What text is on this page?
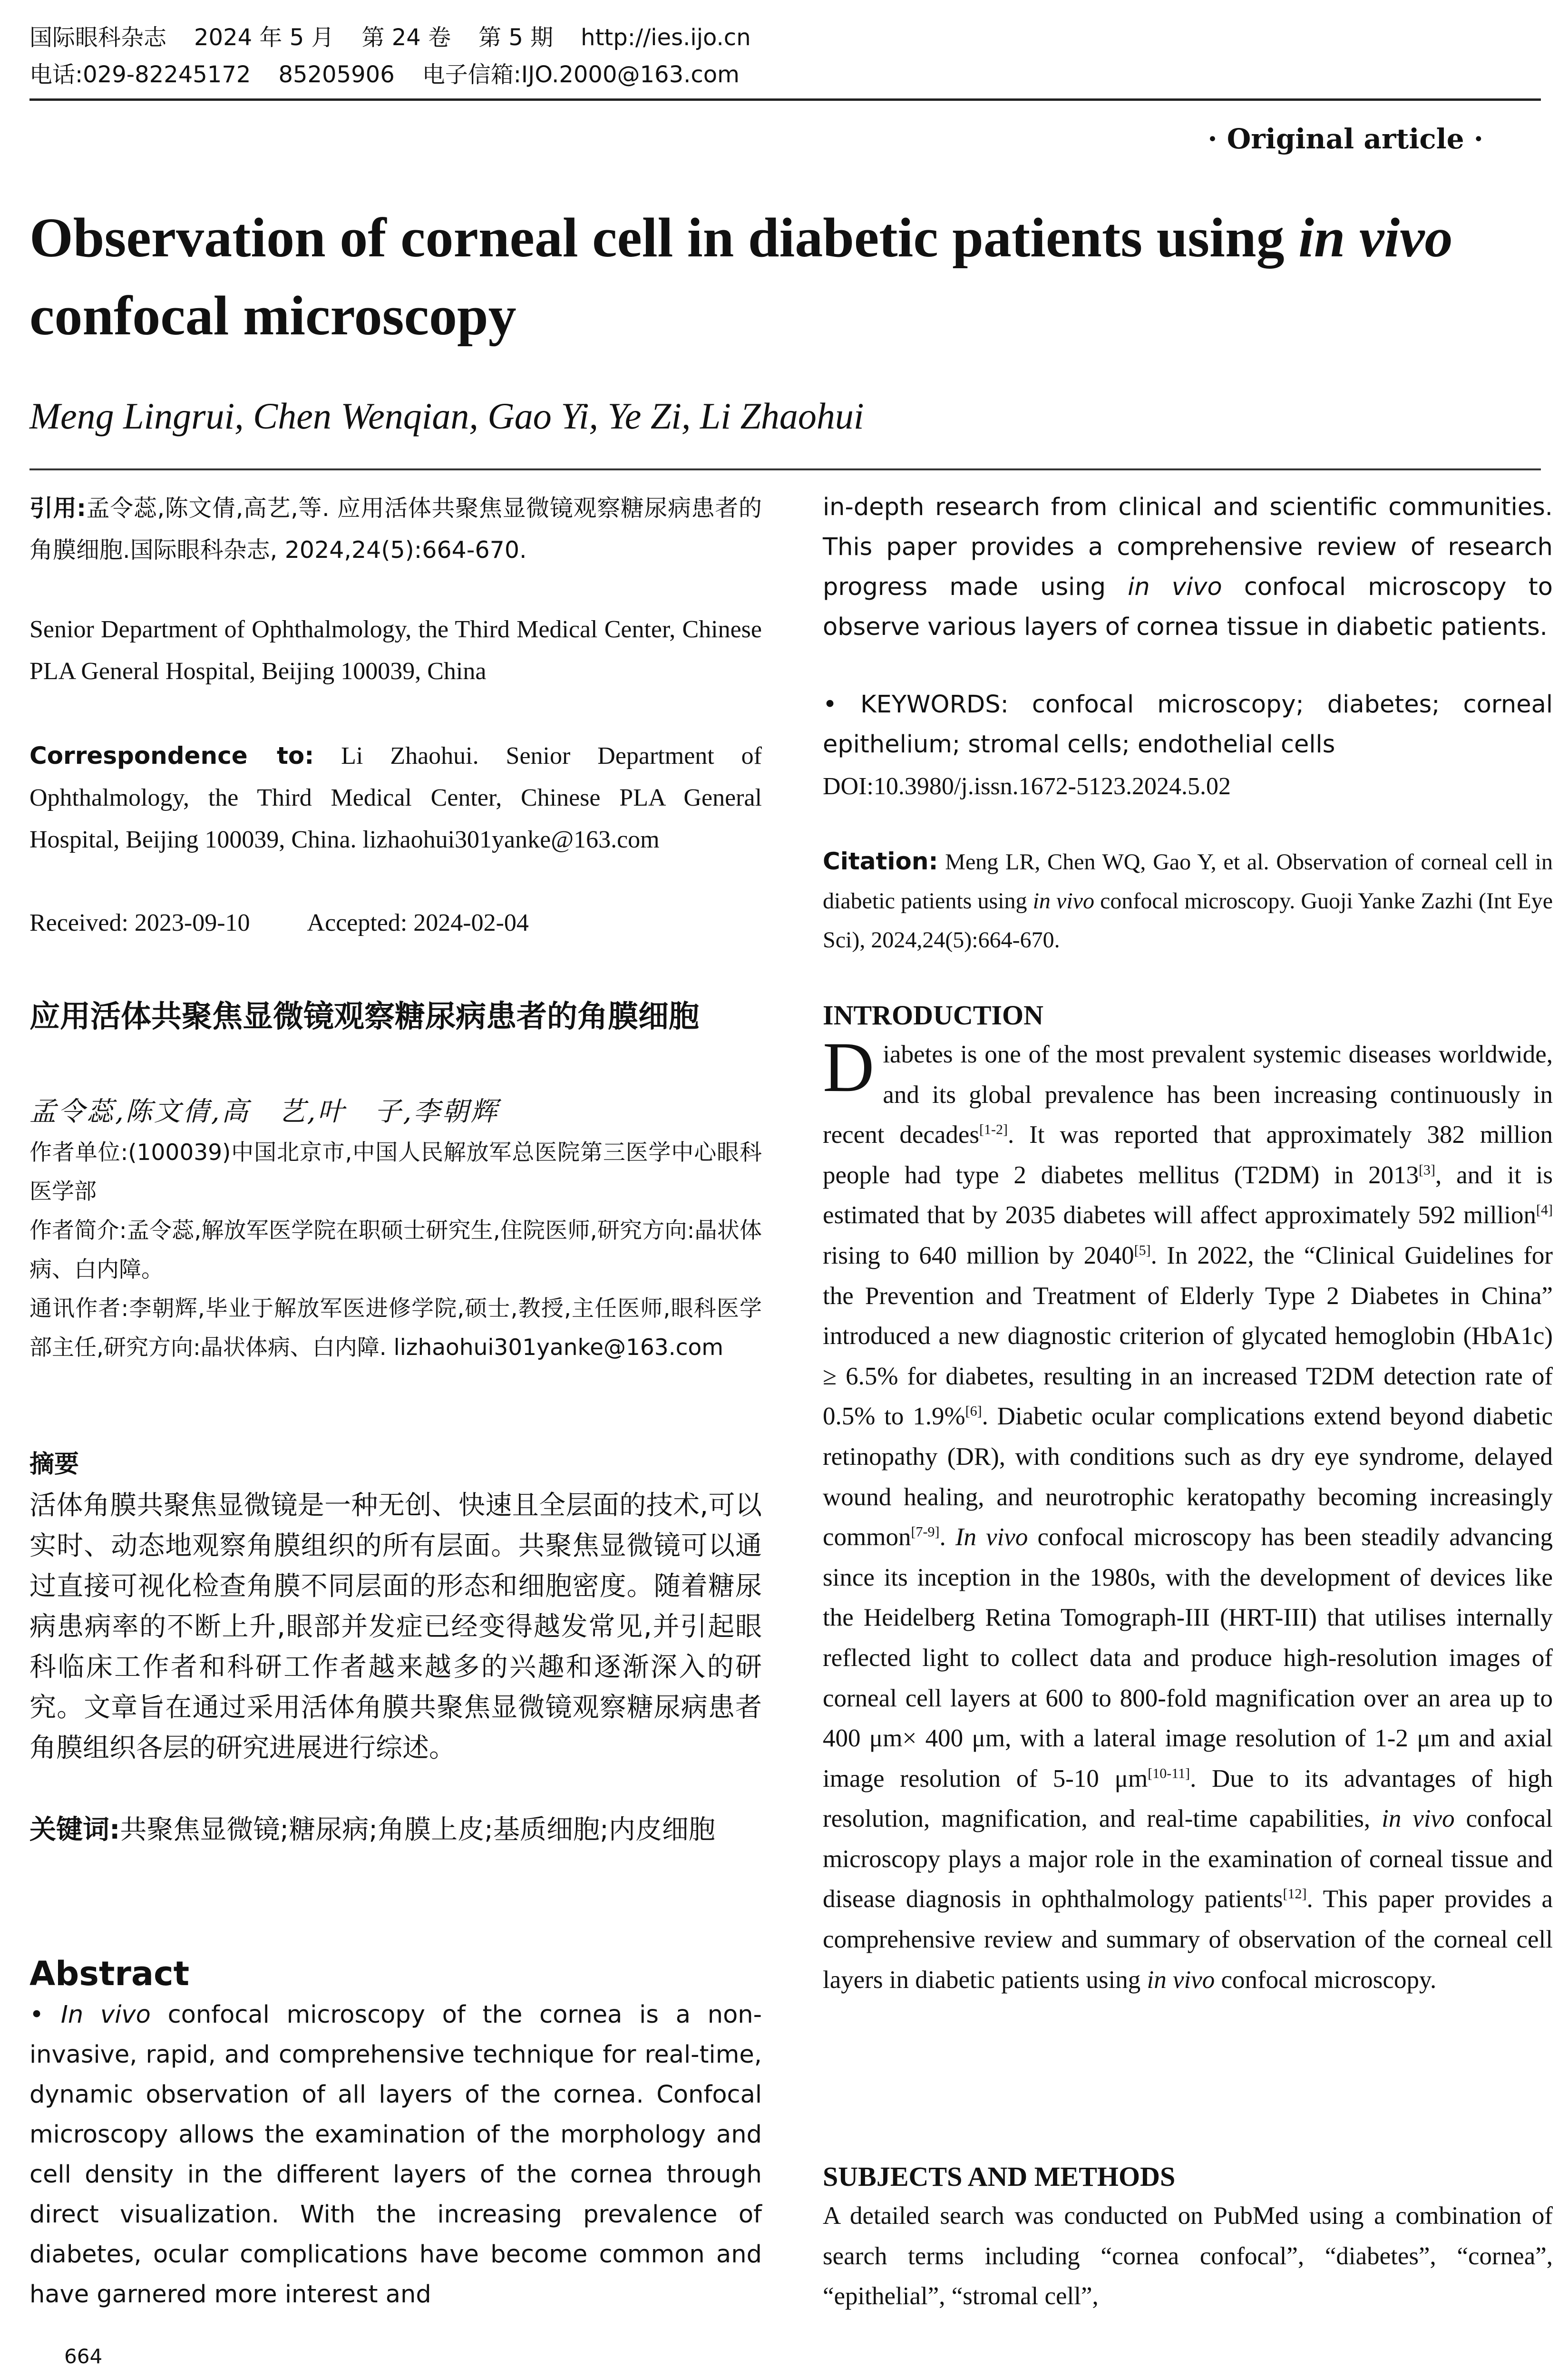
国际眼科杂志 2024 年 5 月 第 24 卷 第 5 期 http://ies.ijo.cn
电话:029-82245172 85205906 电子信箱:IJO.2000@163.com
· Original article ·
Observation of corneal cell in diabetic patients using in vivo confocal microscopy
Meng Lingrui, Chen Wenqian, Gao Yi, Ye Zi, Li Zhaohui
引用:孟令蕊,陈文倩,高艺,等. 应用活体共聚焦显微镜观察糖尿病患者的角膜细胞.国际眼科杂志, 2024,24(5):664-670.
Senior Department of Ophthalmology, the Third Medical Center, Chinese PLA General Hospital, Beijing 100039, China
Correspondence to: Li Zhaohui. Senior Department of Ophthalmology, the Third Medical Center, Chinese PLA General Hospital, Beijing 100039, China. lizhaohui301yanke@163.com
Received: 2023-09-10 Accepted: 2024-02-04
应用活体共聚焦显微镜观察糖尿病患者的角膜细胞
孟令蕊,陈文倩,高　艺,叶　子,李朝辉
作者单位:(100039)中国北京市,中国人民解放军总医院第三医学中心眼科医学部
作者简介:孟令蕊,解放军医学院在职硕士研究生,住院医师,研究方向:晶状体病、白内障。
通讯作者:李朝辉,毕业于解放军医进修学院,硕士,教授,主任医师,眼科医学部主任,研究方向:晶状体病、白内障. lizhaohui301yanke@163.com
摘要
活体角膜共聚焦显微镜是一种无创、快速且全层面的技术,可以实时、动态地观察角膜组织的所有层面。共聚焦显微镜可以通过直接可视化检查角膜不同层面的形态和细胞密度。随着糖尿病患病率的不断上升,眼部并发症已经变得越发常见,并引起眼科临床工作者和科研工作者越来越多的兴趣和逐渐深入的研究。文章旨在通过采用活体角膜共聚焦显微镜观察糖尿病患者角膜组织各层的研究进展进行综述。
关键词:共聚焦显微镜;糖尿病;角膜上皮;基质细胞;内皮细胞
Abstract
• In vivo confocal microscopy of the cornea is a non-invasive, rapid, and comprehensive technique for real-time, dynamic observation of all layers of the cornea. Confocal microscopy allows the examination of the morphology and cell density in the different layers of the cornea through direct visualization. With the increasing prevalence of diabetes, ocular complications have become common and have garnered more interest and
in-depth research from clinical and scientific communities. This paper provides a comprehensive review of research progress made using in vivo confocal microscopy to observe various layers of cornea tissue in diabetic patients.
• KEYWORDS: confocal microscopy; diabetes; corneal epithelium; stromal cells; endothelial cells
DOI:10.3980/j.issn.1672-5123.2024.5.02
Citation: Meng LR, Chen WQ, Gao Y, et al. Observation of corneal cell in diabetic patients using in vivo confocal microscopy. Guoji Yanke Zazhi (Int Eye Sci), 2024,24(5):664-670.
INTRODUCTION
Diabetes is one of the most prevalent systemic diseases worldwide, and its global prevalence has been increasing continuously in recent decades[1-2]. It was reported that approximately 382 million people had type 2 diabetes mellitus (T2DM) in 2013[3], and it is estimated that by 2035 diabetes will affect approximately 592 million[4] rising to 640 million by 2040[5]. In 2022, the “Clinical Guidelines for the Prevention and Treatment of Elderly Type 2 Diabetes in China” introduced a new diagnostic criterion of glycated hemoglobin (HbA1c) ≥ 6.5% for diabetes, resulting in an increased T2DM detection rate of 0.5% to 1.9%[6]. Diabetic ocular complications extend beyond diabetic retinopathy (DR), with conditions such as dry eye syndrome, delayed wound healing, and neurotrophic keratopathy becoming increasingly common[7-9]. In vivo confocal microscopy has been steadily advancing since its inception in the 1980s, with the development of devices like the Heidelberg Retina Tomograph-III (HRT-III) that utilises internally reflected light to collect data and produce high-resolution images of corneal cell layers at 600 to 800-fold magnification over an area up to 400 μm× 400 μm, with a lateral image resolution of 1-2 μm and axial image resolution of 5-10 μm[10-11]. Due to its advantages of high resolution, magnification, and real-time capabilities, in vivo confocal microscopy plays a major role in the examination of corneal tissue and disease diagnosis in ophthalmology patients[12]. This paper provides a comprehensive review and summary of observation of the corneal cell layers in diabetic patients using in vivo confocal microscopy.
SUBJECTS AND METHODS
A detailed search was conducted on PubMed using a combination of search terms including “cornea confocal”, “diabetes”, “cornea”, “epithelial”, “stromal cell”,
664
